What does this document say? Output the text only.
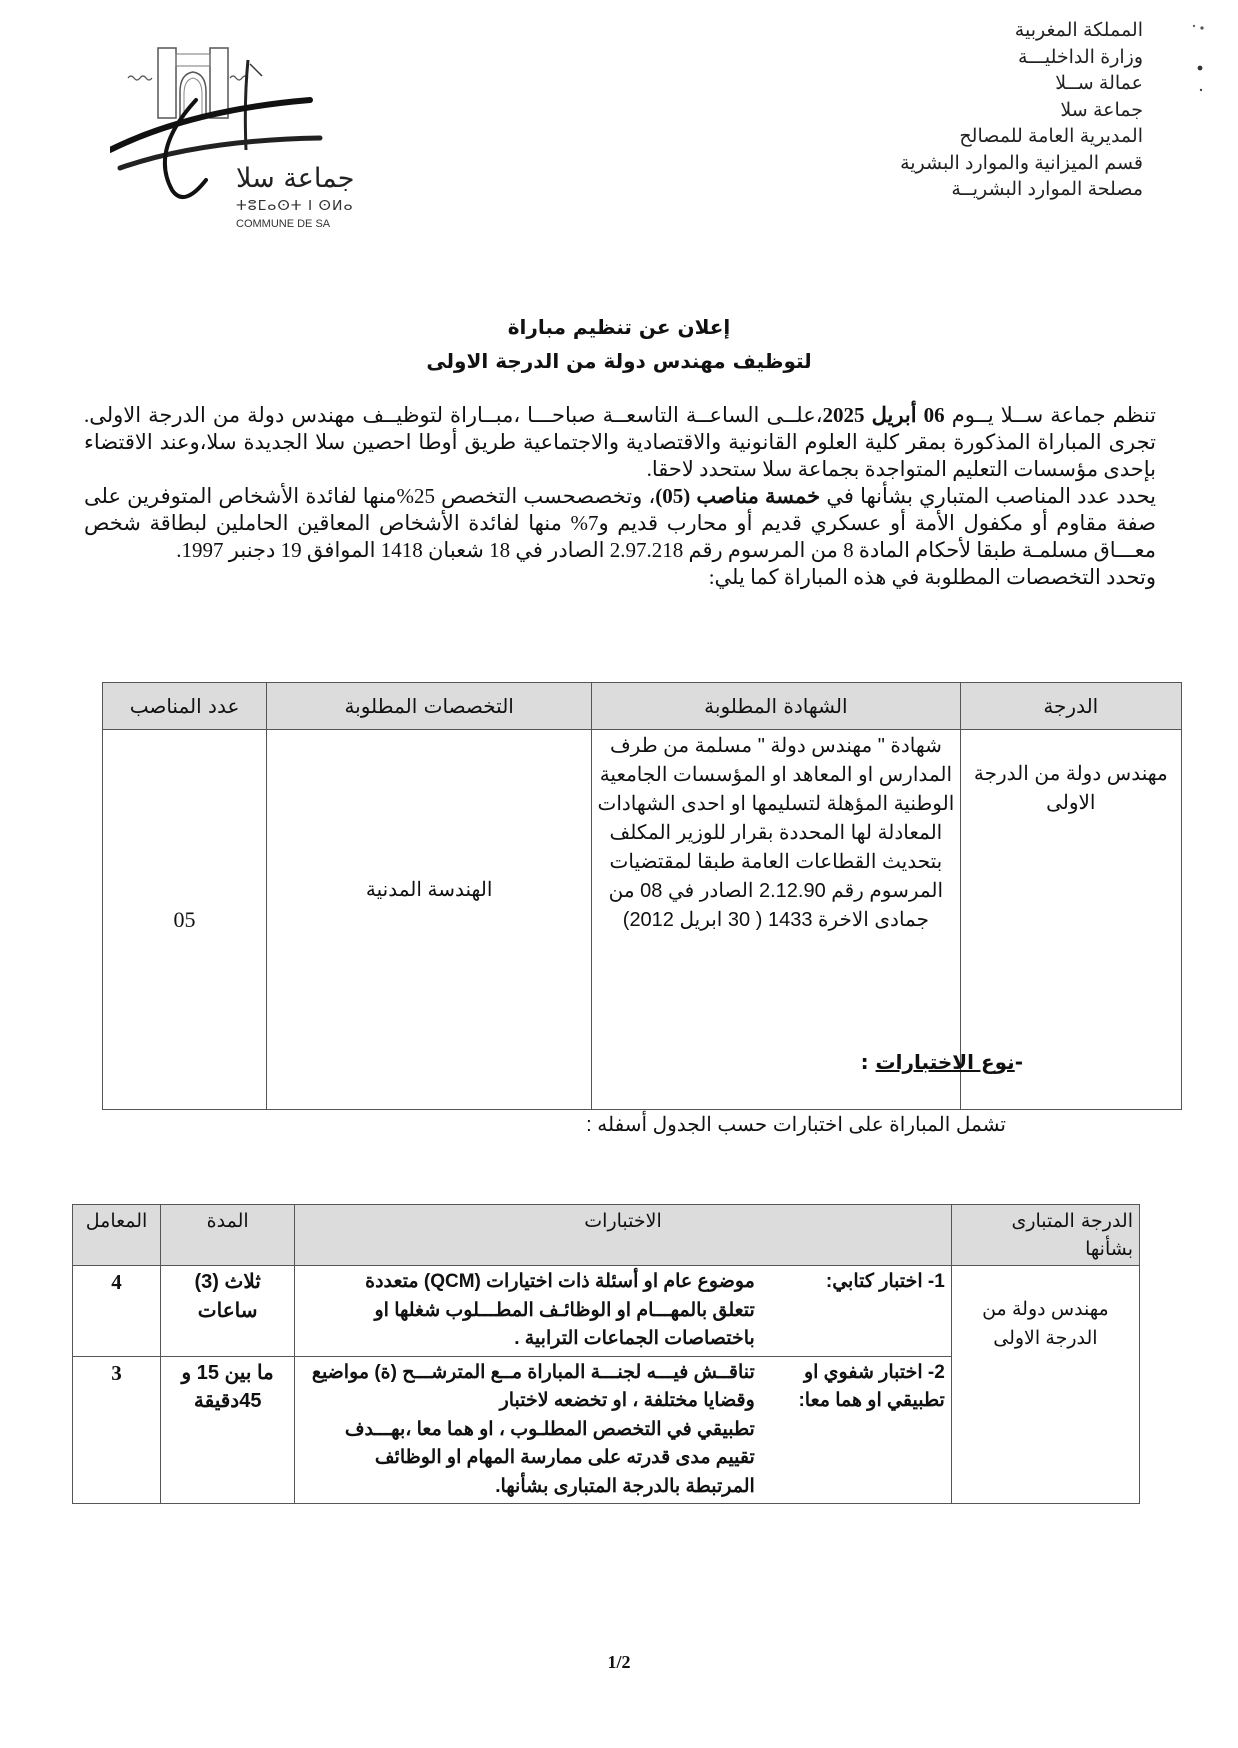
المملكة المغربية
وزارة الداخليـــة
عمالة ســلا
جماعة سلا
المديرية العامة للمصالح
قسم الميزانية والموارد البشرية
مصلحة الموارد البشريــة
جماعة سلا
ⵜⵓⵎⴰⵙⵜ ⵏ ⵙⵍⴰ
COMMUNE DE SA
إعلان عن تنظيم مباراة
لتوظيف مهندس دولة من الدرجة الاولى
تنظم جماعة ســلا يــوم 06 أبريل 2025،علــى الساعــة التاسعــة صباحـــا ،مبــاراة لتوظيــف مهندس دولة من الدرجة الاولى. تجرى المباراة المذكورة بمقر كلية العلوم القانونية والاقتصادية والاجتماعية طريق أوطا احصين سلا الجديدة سلا،وعند الاقتضاء بإحدى مؤسسات التعليم المتواجدة بجماعة سلا ستحدد لاحقا.
يحدد عدد المناصب المتباري بشأنها في خمسة مناصب (05)، وتخصصحسب التخصص 25%منها لفائدة الأشخاص المتوفرين على صفة مقاوم أو مكفول الأمة أو عسكري قديم أو محارب قديم و7% منها لفائدة الأشخاص المعاقين الحاملين لبطاقة شخص معـــاق مسلمـة طبقا لأحكام المادة 8 من المرسوم رقم 2.97.218 الصادر في 18 شعبان 1418 الموافق 19 دجنبر 1997.
وتحدد التخصصات المطلوبة في هذه المباراة كما يلي:
الدرجة	الشهادة المطلوبة	التخصصات المطلوبة	عدد المناصب
مهندس دولة من الدرجة الاولى	شهادة " مهندس دولة " مسلمة من طرف المدارس او المعاهد او المؤسسات الجامعية الوطنية المؤهلة لتسليمها او احدى الشهادات المعادلة لها المحددة بقرار للوزير المكلف بتحديث القطاعات العامة طبقا لمقتضيات المرسوم رقم 2.12.90 الصادر في 08 من جمادى الاخرة 1433 ( 30 ابريل 2012)	الهندسة المدنية	05
-نوع الاختبارات :
تشمل المباراة على اختبارات حسب الجدول أسفله :
الدرجة المتبارى بشأنها	الاختبارات	المدة	المعامل
مهندس دولة من الدرجة الاولى	1- اختبار كتابي:
موضوع عام او أسئلة ذات اختيارات (QCM) متعددة
تتعلق بالمهـــام او الوظائـف المطـــلوب شغلها او باختصاصات الجماعات الترابية .	ثلاث (3) ساعات	4

	2- اختبار شفوي او تطبيقي او هما معا:
تناقــش فيـــه لجنـــة المباراة مــع المترشـــح (ة) مواضيع وقضايا مختلفة ، او تخضعه لاختبار
تطبيقي في التخصص المطلـوب ، او هما معا ،بهـــدف تقييم مدى قدرته على ممارسة المهام او الوظائف المرتبطة بالدرجة المتبارى بشأنها.	ما بين 15 و 45دقيقة	3
1/2
